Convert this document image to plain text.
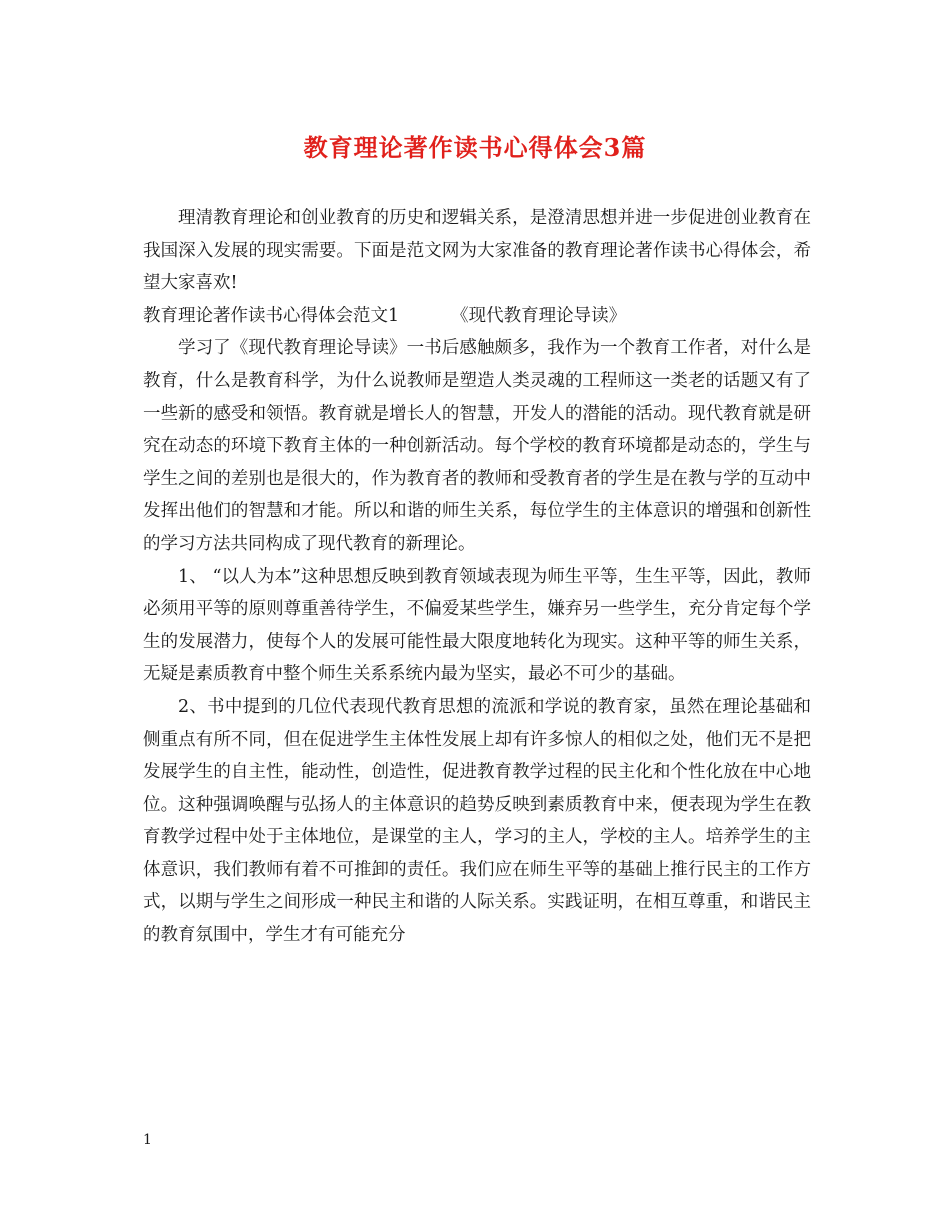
教育理论著作读书心得体会3篇

理清教育理论和创业教育的历史和逻辑关系，是澄清思想并进一步促进创业教育在我国深入发展的现实需要。下面是范文网为大家准备的教育理论著作读书心得体会，希望大家喜欢!

教育理论著作读书心得体会范文1	《现代教育理论导读》

学习了《现代教育理论导读》一书后感触颇多，我作为一个教育工作者，对什么是教育，什么是教育科学，为什么说教师是塑造人类灵魂的工程师这一类老的话题又有了一些新的感受和领悟。教育就是增长人的智慧，开发人的潜能的活动。现代教育就是研究在动态的环境下教育主体的一种创新活动。每个学校的教育环境都是动态的，学生与学生之间的差别也是很大的，作为教育者的教师和受教育者的学生是在教与学的互动中发挥出他们的智慧和才能。所以和谐的师生关系，每位学生的主体意识的增强和创新性的学习方法共同构成了现代教育的新理论。

1、 “以人为本”这种思想反映到教育领域表现为师生平等，生生平等，因此，教师必须用平等的原则尊重善待学生，不偏爱某些学生，嫌弃另一些学生，充分肯定每个学生的发展潜力，使每个人的发展可能性最大限度地转化为现实。这种平等的师生关系，无疑是素质教育中整个师生关系系统内最为坚实，最必不可少的基础。

2、书中提到的几位代表现代教育思想的流派和学说的教育家，虽然在理论基础和侧重点有所不同，但在促进学生主体性发展上却有许多惊人的相似之处，他们无不是把发展学生的自主性，能动性，创造性，促进教育教学过程的民主化和个性化放在中心地位。这种强调唤醒与弘扬人的主体意识的趋势反映到素质教育中来，便表现为学生在教育教学过程中处于主体地位，是课堂的主人，学习的主人，学校的主人。培养学生的主体意识，我们教师有着不可推卸的责任。我们应在师生平等的基础上推行民主的工作方式，以期与学生之间形成一种民主和谐的人际关系。实践证明，在相互尊重，和谐民主的教育氛围中，学生才有可能充分

1
